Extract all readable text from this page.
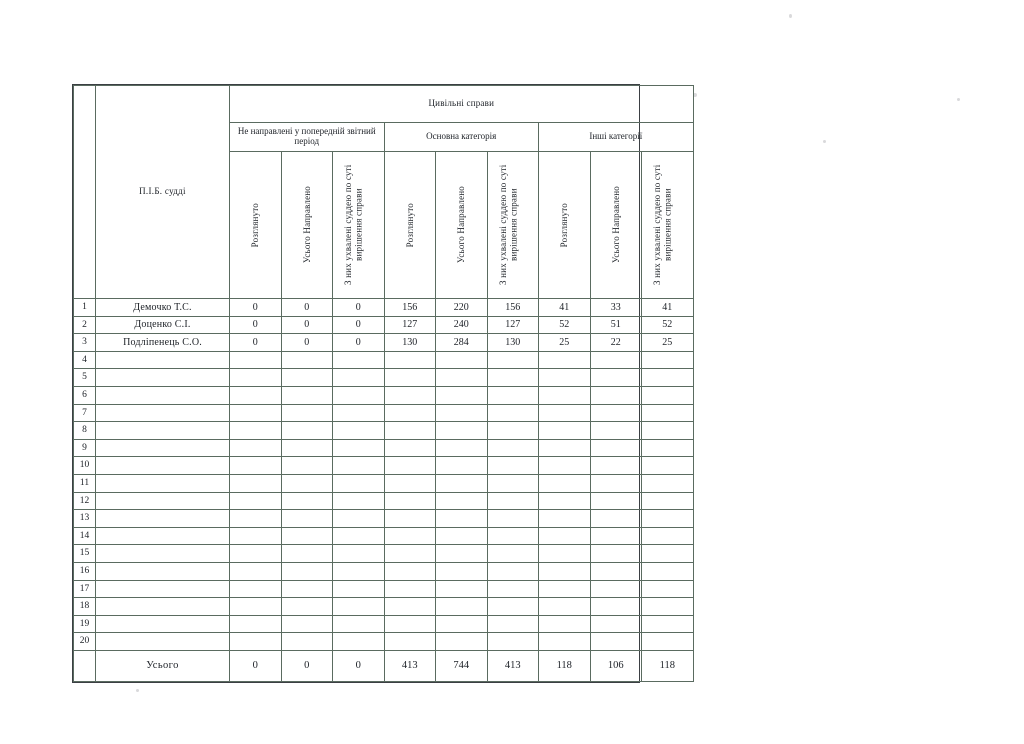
	П.І.Б. судді	Цивільні справи								
		Не направлені у попередній звітний період			Основна категорія			Інші категорії		

		Розглянуто	Усього Направлено	З них ухвалені суддею по суті вирішення справи	Розглянуто	Усього Направлено	З них ухвалені суддею по суті вирішення справи	Розглянуто	Усього Направлено	З них ухвалені суддею по суті вирішення справи

1	Демочко Т.С.	0	0	0	156	220	156	41	33	41
2	Доценко С.І.	0	0	0	127	240	127	52	51	52
3	Подліпенець С.О.	0	0	0	130	284	130	25	22	25
4										
5										
6										
7										
8										
9										
10										
11										
12										
13										
14										
15										
16										
17										
18										
19										
20										
	Усього	0	0	0	413	744	413	118	106	118
